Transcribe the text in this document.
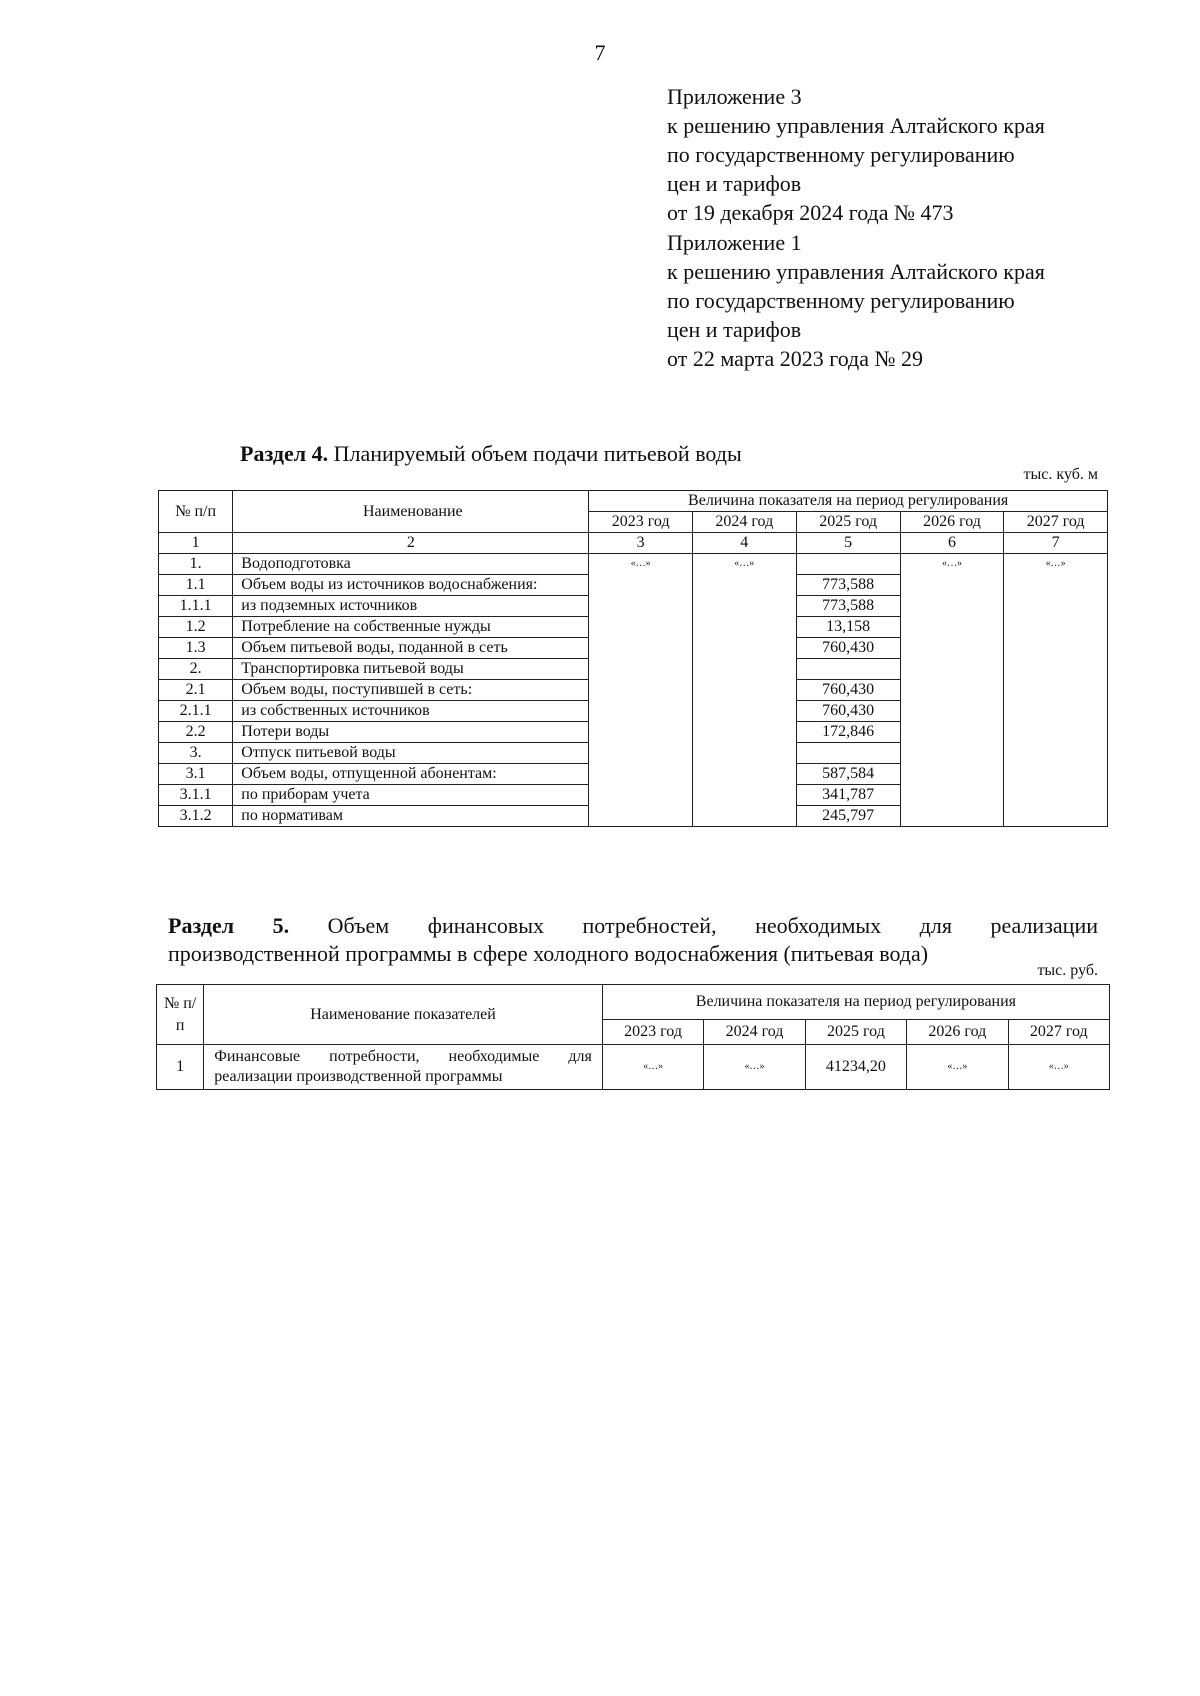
7
Приложение 3
к решению управления Алтайского края
по государственному регулированию
цен и тарифов
от 19 декабря 2024 года № 473
Приложение 1
к решению управления Алтайского края
по государственному регулированию
цен и тарифов
от 22 марта 2023 года № 29
Раздел 4. Планируемый объем подачи питьевой воды
тыс. куб. м
№ п/п	Наименование	Величина показателя на период регулирования				
		2023 год	2024 год	2025 год	2026 год	2027 год
1	2	3	4	5	6	7
1.	Водоподготовка	«…»	«…»		«…»	«…»
1.1	Объем воды из источников водоснабжения:			773,588		
1.1.1	из подземных источников			773,588		
1.2	Потребление на собственные нужды			13,158		
1.3	Объем питьевой воды, поданной в сеть			760,430		
2.	Транспортировка питьевой воды					
2.1	Объем воды, поступившей в сеть:			760,430		
2.1.1	из собственных источников			760,430		
2.2	Потери воды			172,846		
3.	Отпуск питьевой воды					
3.1	Объем воды, отпущенной абонентам:			587,584		
3.1.1	по приборам учета			341,787		
3.1.2	по нормативам			245,797		
Раздел 5. Объем финансовых потребностей, необходимых для реализации
производственной программы в сфере холодного водоснабжения (питьевая вода)
тыс. руб.
№ п/п	Наименование показателей	Величина показателя на период регулирования				
		2023 год	2024 год	2025 год	2026 год	2027 год
1	Финансовые потребности, необходимые для реализации производственной программы	«…»	«…»	41234,20	«…»	«…»
